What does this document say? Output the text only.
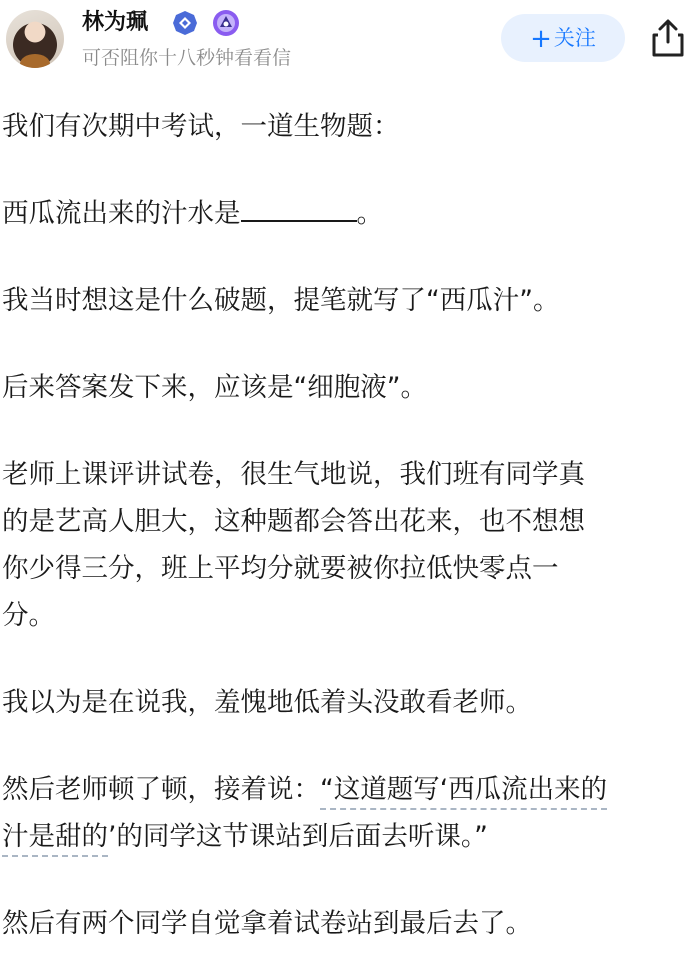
林为珮
可否阻你十八秒钟看看信
+关注

我们有次期中考试，一道生物题：

西瓜流出来的汁水是	。

我当时想这是什么破题，提笔就写了“西瓜汁”。

后来答案发下来，应该是“细胞液”。

老师上课评讲试卷，很生气地说，我们班有同学真

的是艺高人胆大，这种题都会答出花来，也不想想

你少得三分，班上平均分就要被你拉低快零点一

分。

我以为是在说我，羞愧地低着头没敢看老师。

然后老师顿了顿，接着说：“这道题写‘西瓜流出来的

汁是甜的’的同学这节课站到后面去听课。”

然后有两个同学自觉拿着试卷站到最后去了。
